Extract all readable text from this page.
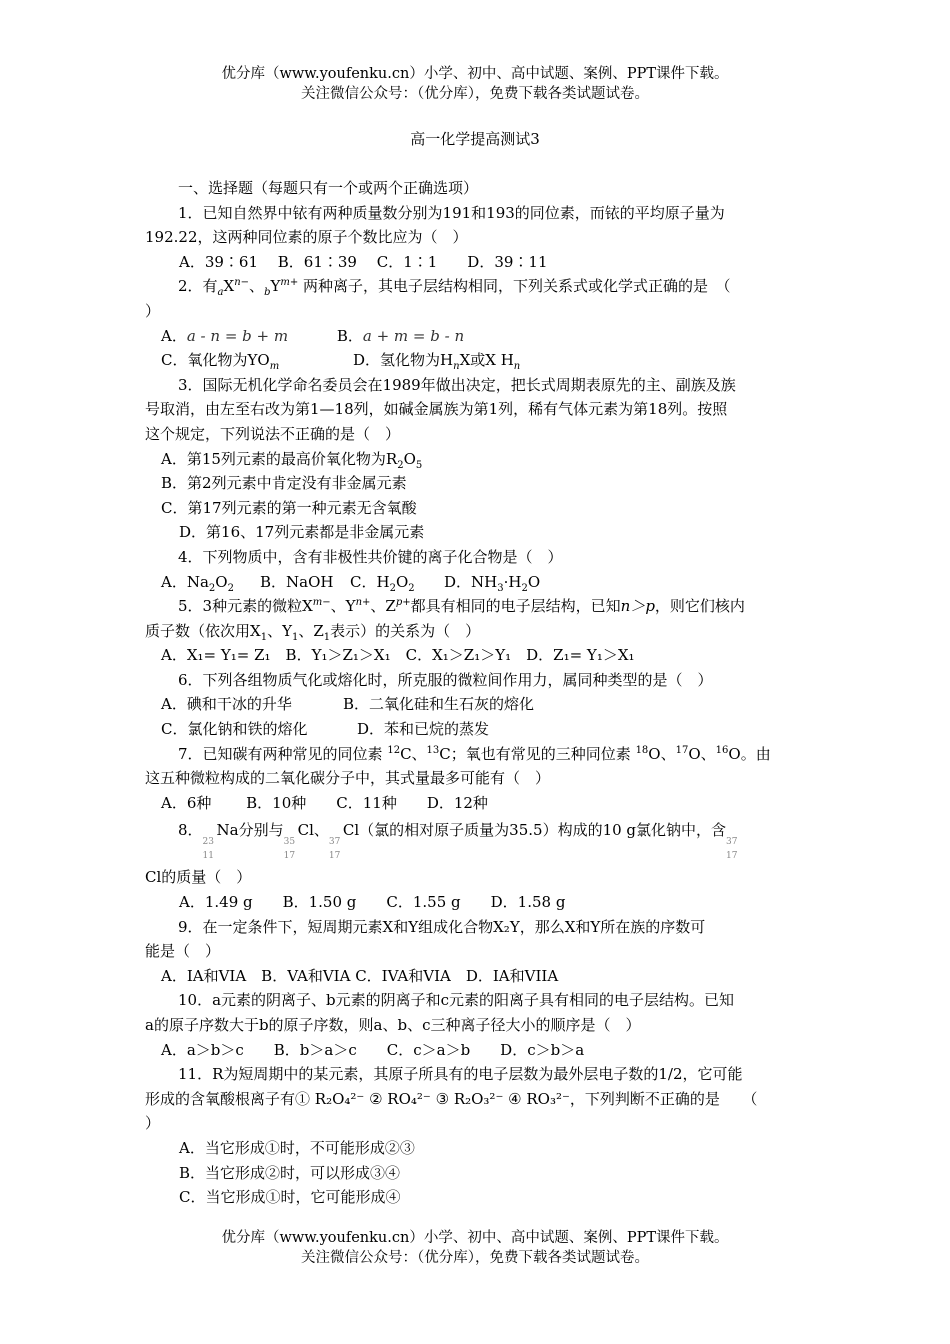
优分库（www.youfenku.cn）小学、初中、高中试题、案例、PPT课件下载。
关注微信公众号：（优分库），免费下载各类试题试卷。
高一化学提高测试3
一、选择题（每题只有一个或两个正确选项）
1．已知自然界中铱有两种质量数分别为191和193的同位素，而铱的平均原子量为
192.22，这两种同位素的原子个数比应为（　）
A．39∶61　 B．61∶39　 C．1∶1　　D．39∶11
2．有$_aX^{n-}$、$_bY^{m+}$ 两种离子，其电子层结构相同，下列关系式或化学式正确的是　（
）
A．a - n = b + m	B．a + m = b - n
C．氧化物为$YO_m$	D．氢化物为$H_nX$或X $H_n$
3．国际无机化学命名委员会在1989年做出决定，把长式周期表原先的主、副族及族
号取消，由左至右改为第1—18列，如碱金属族为第1列，稀有气体元素为第18列。按照
这个规定，下列说法不正确的是（　）
A．第15列元素的最高价氧化物为$R_2O_5$
B．第2列元素中肯定没有非金属元素
C．第17列元素的第一种元素无含氧酸
D．第16、17列元素都是非金属元素
4．下列物质中，含有非极性共价键的离子化合物是（　）
A．$Na_2O_2$ B．NaOH C．$H_2O_2$ D．$NH_3\cdot H_2O$
5．3种元素的微粒$X^{m-}$、$Y^{n+}$、$Z^{p+}$都具有相同的电子层结构，已知n＞p，则它们核内
质子数（依次用$X_1$、$Y_1$、$Z_1$表示）的关系为（　）
A．X₁= Y₁= Z₁　B．Y₁＞Z₁＞X₁　C．X₁＞Z₁＞Y₁　D．Z₁= Y₁＞X₁
6．下列各组物质气化或熔化时，所克服的微粒间作用力，属同种类型的是（　）
A．碘和干冰的升华	B．二氧化硅和生石灰的熔化
C．氯化钠和铁的熔化	D．苯和已烷的蒸发
7．已知碳有两种常见的同位素 $^{12}$C、$^{13}$C；氧也有常见的三种同位素 $^{18}$O、$^{17}$O、$^{16}$O。由
这五种微粒构成的二氧化碳分子中，其式量最多可能有（　）
A．6种　　 B．10种　　C．11种　　D．12种
8．
23
11
Na分别与
35
17
Cl、
37
17
Cl（氯的相对原子质量为35.5）构成的10 g氯化钠中，含
37
17
Cl的质量（　）
A．1.49 g　　B．1.50 g　　C．1.55 g　　D．1.58 g
9．在一定条件下，短周期元素X和Y组成化合物X₂Y，那么X和Y所在族的序数可
能是（　）
A．IA和VIA　B．VA和VIA C．IVA和VIA　D．IA和VIIA
10．a元素的阴离子、b元素的阴离子和c元素的阳离子具有相同的电子层结构。已知
a的原子序数大于b的原子序数，则a、b、c三种离子径大小的顺序是（　）
A．a＞b＞c　　B．b＞a＞c　　C．c＞a＞b　　D．c＞b＞a
11．R为短周期中的某元素，其原子所具有的电子层数为最外层电子数的1/2，它可能
形成的含氧酸根离子有① R₂O₄²⁻ ② RO₄²⁻ ③ R₂O₃²⁻ ④ RO₃²⁻，下列判断不正确的是　　（
）
A．当它形成①时，不可能形成②③
B．当它形成②时，可以形成③④
C．当它形成①时，它可能形成④
优分库（www.youfenku.cn）小学、初中、高中试题、案例、PPT课件下载。
关注微信公众号：（优分库），免费下载各类试题试卷。
